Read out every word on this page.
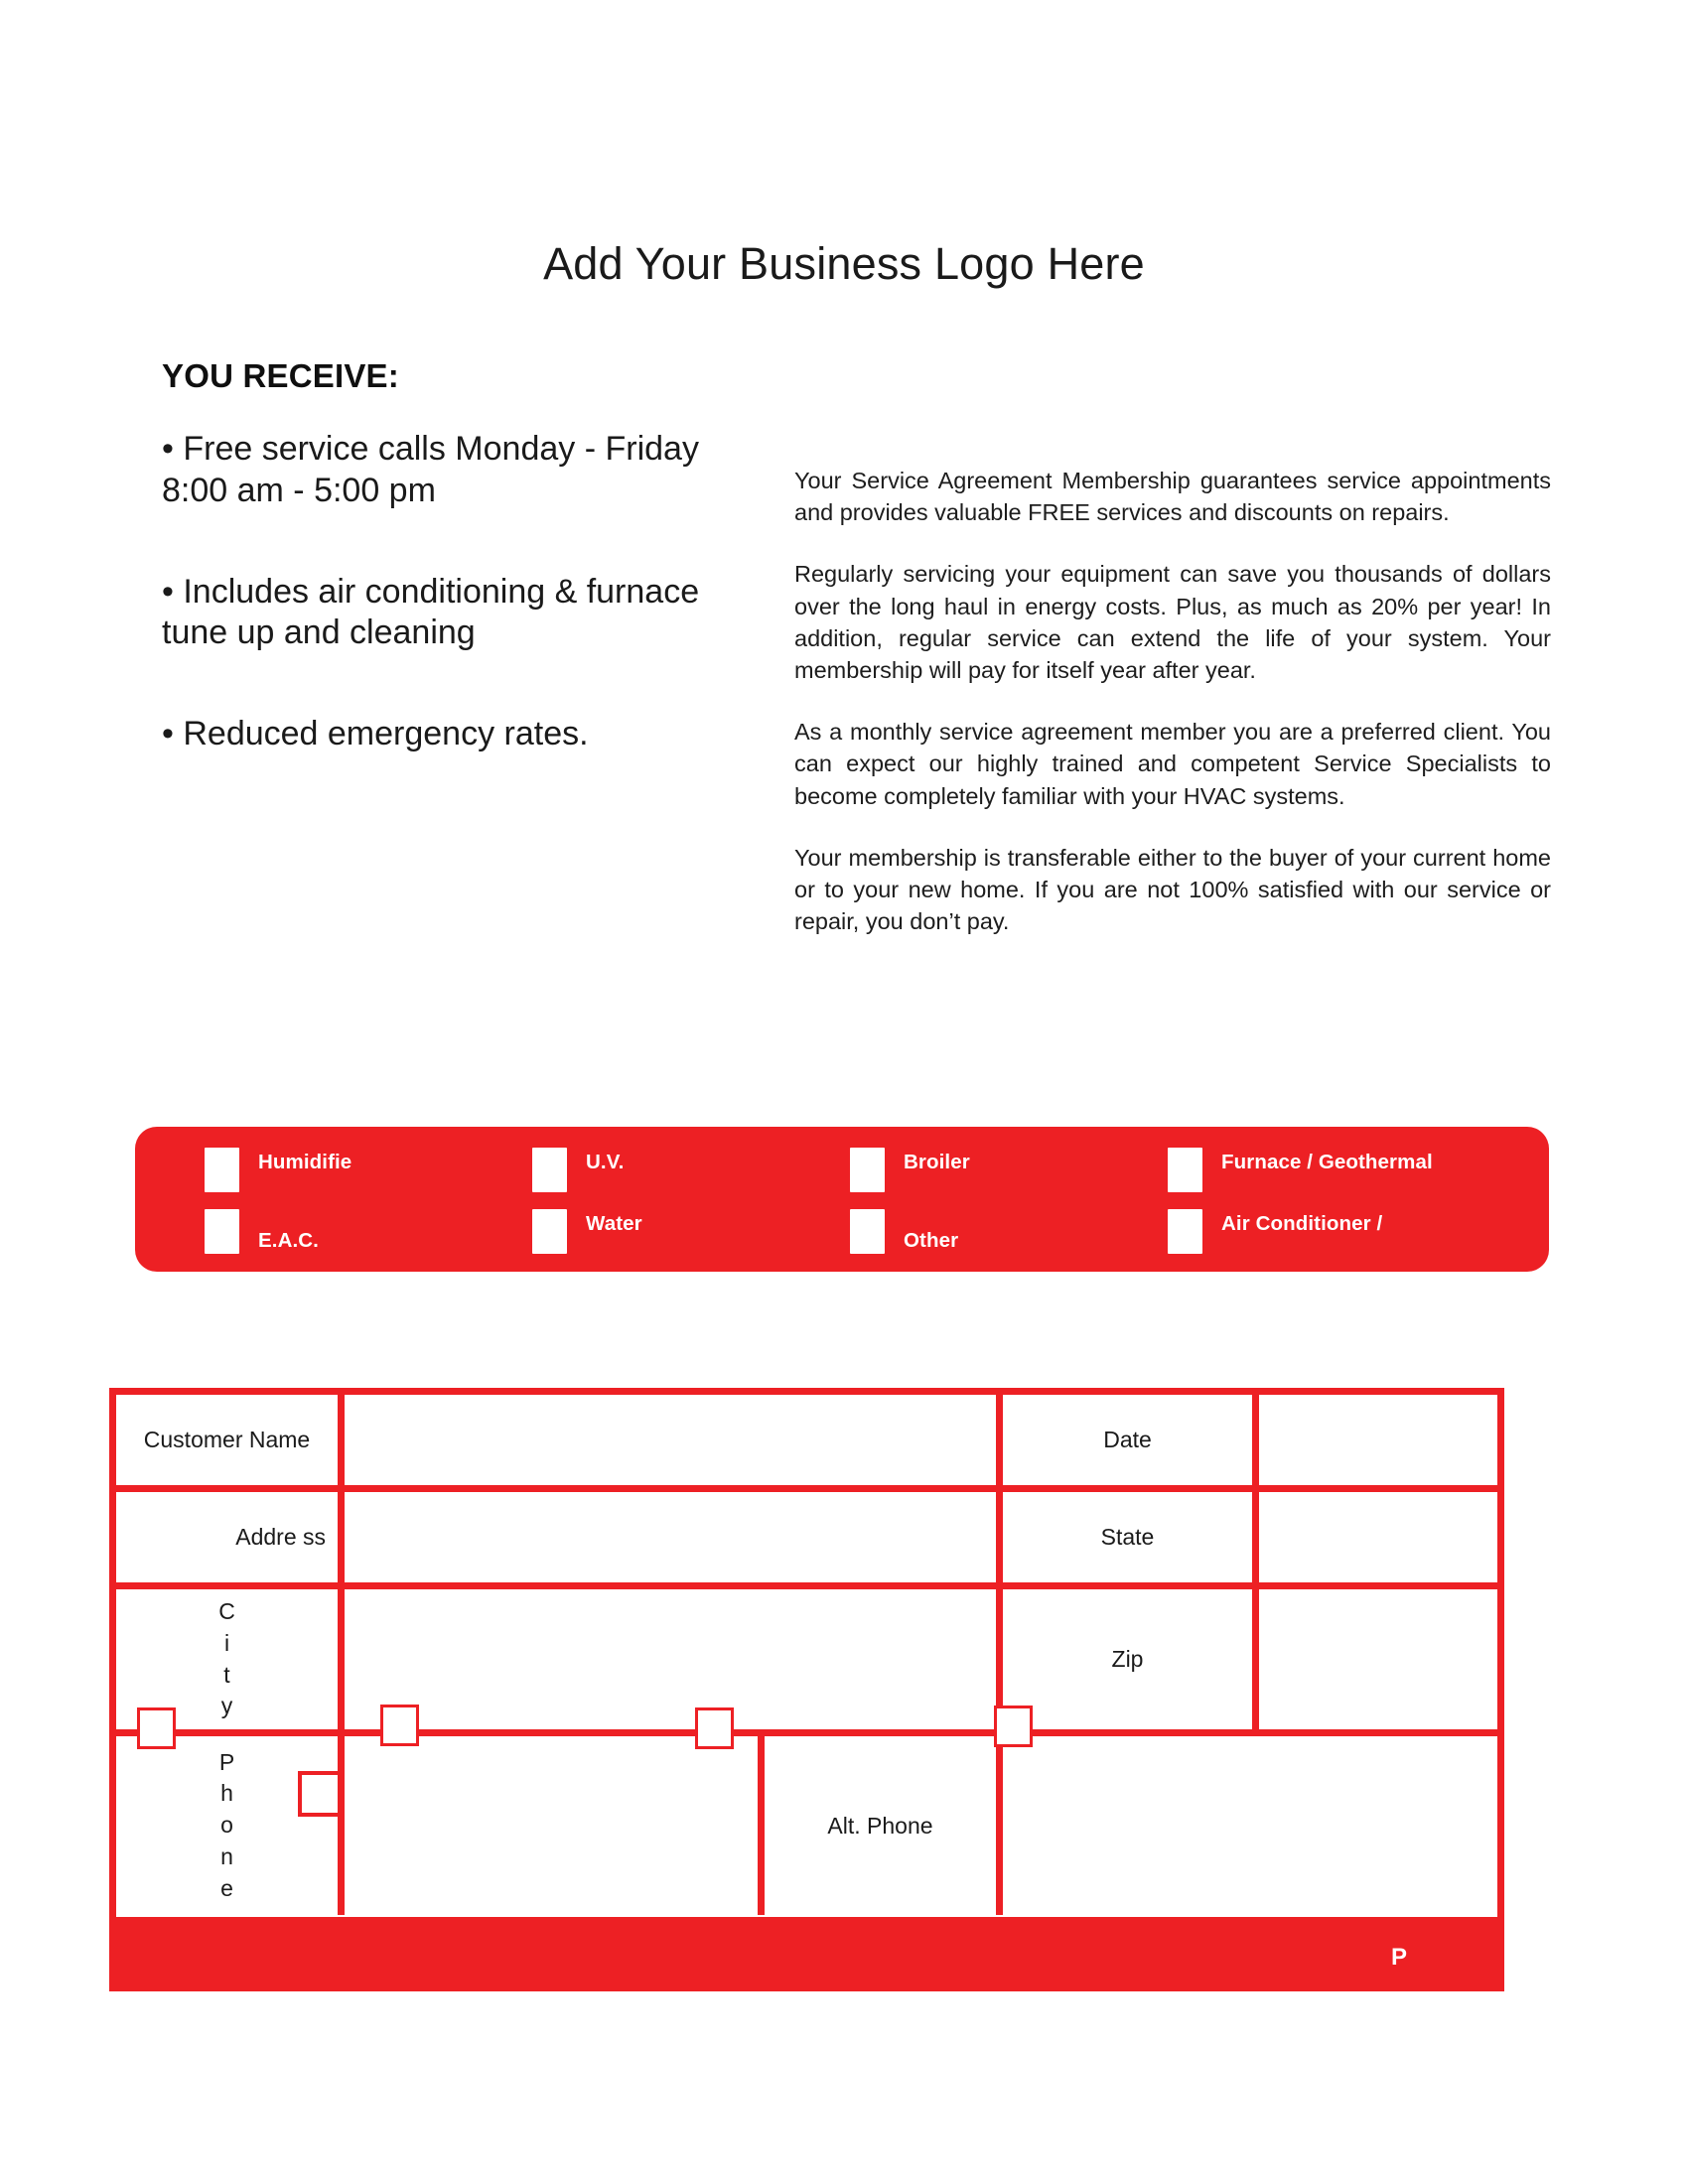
Add Your Business Logo Here
YOU RECEIVE:

• Free service calls Monday - Friday 8:00 am - 5:00 pm

• Includes air conditioning & furnace tune up and cleaning

• Reduced emergency rates.

Your Service Agreement Membership guarantees service appointments and provides valuable FREE services and discounts on repairs.

Regularly servicing your equipment can save you thousands of dollars over the long haul in energy costs. Plus, as much as 20% per year! In addition, regular service can extend the life of your system. Your membership will pay for itself year after year.

As a monthly service agreement member you are a preferred client. You can expect our highly trained and competent Service Specialists to become completely familiar with your HVAC systems.

Your membership is transferable either to the buyer of your current home or to your new home. If you are not 100% satisfied with our service or repair, you don’t pay.

Humidifie
E.A.C.
U.V.
Water
Broiler
Other
Furnace / Geothermal
Air Conditioner /
Customer Name	Date
Addre ss	State
C
i
t
y
Zip
P
h
o
n
e
Alt. Phone
P
